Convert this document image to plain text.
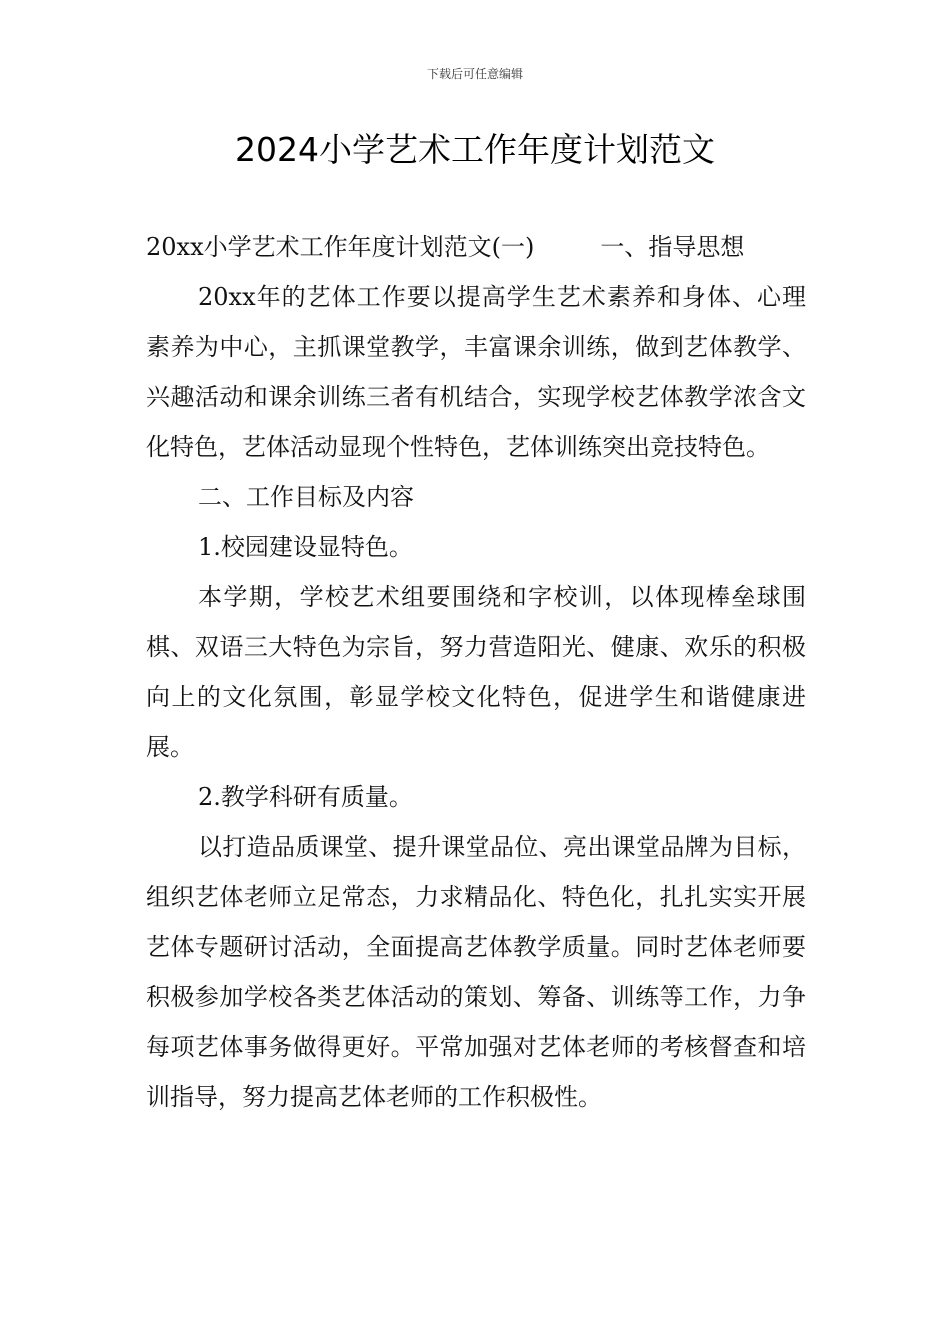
下载后可任意编辑
2024小学艺术工作年度计划范文

20xx小学艺术工作年度计划范文(一)	一、指导思想

20xx年的艺体工作要以提高学生艺术素养和身体、心理素养为中心，主抓课堂教学，丰富课余训练，做到艺体教学、兴趣活动和课余训练三者有机结合，实现学校艺体教学浓含文化特色，艺体活动显现个性特色，艺体训练突出竞技特色。

二、工作目标及内容

1.校园建设显特色。

本学期，学校艺术组要围绕和字校训，以体现棒垒球围棋、双语三大特色为宗旨，努力营造阳光、健康、欢乐的积极向上的文化氛围，彰显学校文化特色，促进学生和谐健康进展。

2.教学科研有质量。

以打造品质课堂、提升课堂品位、亮出课堂品牌为目标，组织艺体老师立足常态，力求精品化、特色化，扎扎实实开展艺体专题研讨活动，全面提高艺体教学质量。同时艺体老师要积极参加学校各类艺体活动的策划、筹备、训练等工作，力争每项艺体事务做得更好。平常加强对艺体老师的考核督查和培训指导，努力提高艺体老师的工作积极性。
